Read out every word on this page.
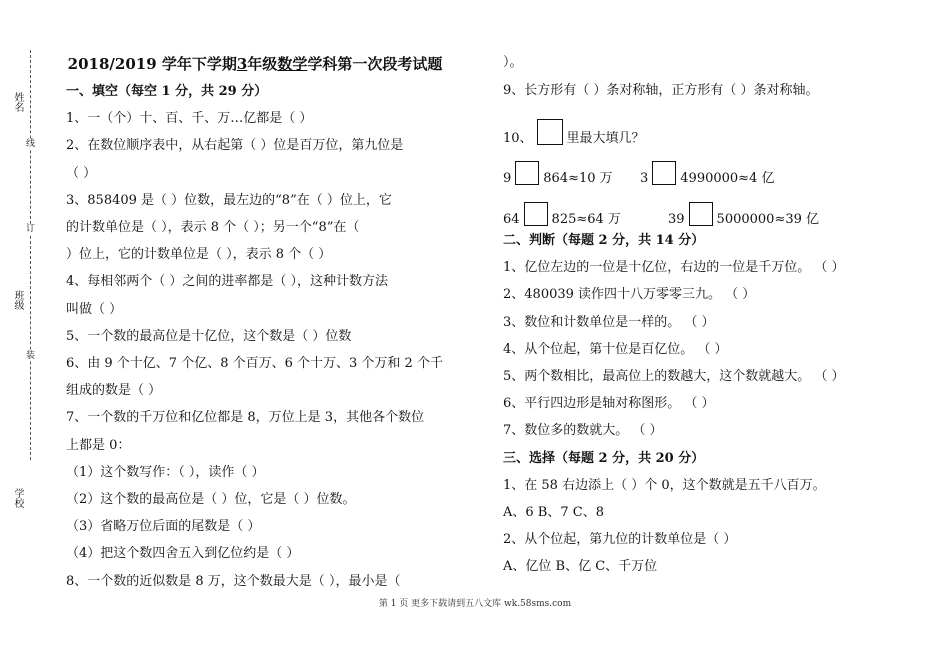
姓名
线
订
班级
装
学校
2018/2019 学年下学期3年级数学学科第一次段考试题
一、填空（每空 1 分，共 29 分）
1、一（个）十、百、千、万…亿都是（ ）
2、在数位顺序表中，从右起第（ ）位是百万位，第九位是
（ ）
3、858409 是（ ）位数，最左边的“8”在（ ）位上，它
的计数单位是（ ），表示 8 个（ ）；另一个“8”在（
）位上，它的计数单位是（ ），表示 8 个（ ）
4、每相邻两个（ ）之间的进率都是（ ），这种计数方法
叫做（ ）
5、一个数的最高位是十亿位，这个数是（ ）位数
6、由 9 个十亿、7 个亿、8 个百万、6 个十万、3 个万和 2 个千
组成的数是（ ）
7、一个数的千万位和亿位都是 8，万位上是 3，其他各个数位
上都是 0：
（1）这个数写作：（ ），读作（ ）
（2）这个数的最高位是（ ）位，它是（ ）位数。
（3）省略万位后面的尾数是（ ）
（4）把这个数四舍五入到亿位约是（ ）
8、一个数的近似数是 8 万，这个数最大是（ ），最小是（
）。
9、长方形有（ ）条对称轴，正方形有（ ）条对称轴。
二、判断（每题 2 分，共 14 分）
1、亿位左边的一位是十亿位，右边的一位是千万位。 （ ）
2、480039 读作四十八万零零三九。 （ ）
3、数位和计数单位是一样的。 （ ）
4、从个位起，第十位是百亿位。 （ ）
5、两个数相比，最高位上的数越大，这个数就越大。 （ ）
6、平行四边形是轴对称图形。 （ ）
7、数位多的数就大。 （ ）
三、选择（每题 2 分，共 20 分）
1、在 58 右边添上（ ）个 0，这个数就是五千八百万。
A、6 B、7 C、8
2、从个位起，第九位的计数单位是（ ）
A、亿位 B、亿 C、千万位
10、	里最大填几？
9 864≈10 万 3 4990000≈4 亿
64 825≈64 万	39 5000000≈39 亿
第 1 页 更多下载请到五八文库 wk.58sms.com
